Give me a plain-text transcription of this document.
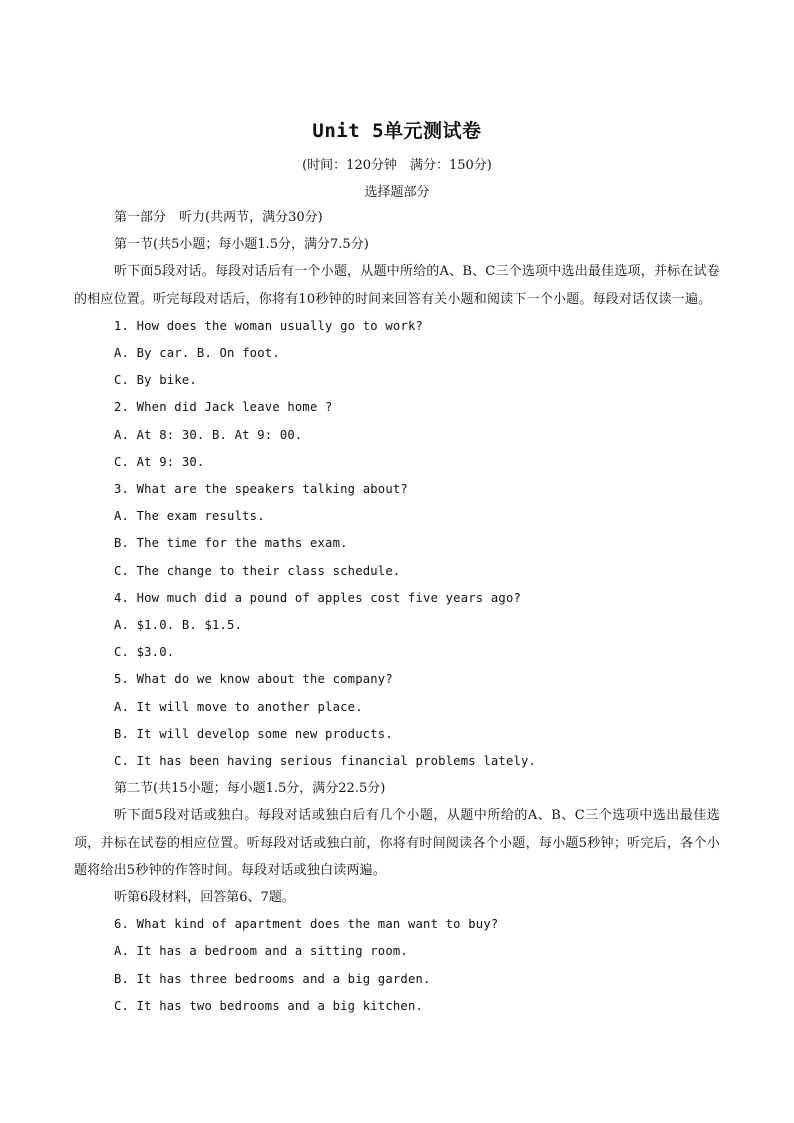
Unit 5单元测试卷
(时间：120分钟　满分：150分)
选择题部分

第一部分　听力(共两节，满分30分)

第一节(共5小题；每小题1.5分，满分7.5分)

听下面5段对话。每段对话后有一个小题，从题中所给的A、B、C三个选项中选出最佳选项，并标在试卷的相应位置。听完每段对话后，你将有10秒钟的时间来回答有关小题和阅读下一个小题。每段对话仅读一遍。

1. How does the woman usually go to work?

A. By car. B. On foot.

C. By bike.

2. When did Jack leave home ?

A. At 8: 30. B. At 9: 00.

C. At 9: 30.

3. What are the speakers talking about?

A. The exam results.

B. The time for the maths exam.

C. The change to their class schedule.

4. How much did a pound of apples cost five years ago?

A. $1.0. B. $1.5.

C. $3.0.

5. What do we know about the company?

A. It will move to another place.

B. It will develop some new products.

C. It has been having serious financial problems lately.

第二节(共15小题；每小题1.5分，满分22.5分)

听下面5段对话或独白。每段对话或独白后有几个小题，从题中所给的A、B、C三个选项中选出最佳选项，并标在试卷的相应位置。听每段对话或独白前，你将有时间阅读各个小题，每小题5秒钟；听完后，各个小题将给出5秒钟的作答时间。每段对话或独白读两遍。

听第6段材料，回答第6、7题。

6. What kind of apartment does the man want to buy?

A. It has a bedroom and a sitting room.

B. It has three bedrooms and a big garden.

C. It has two bedrooms and a big kitchen.
